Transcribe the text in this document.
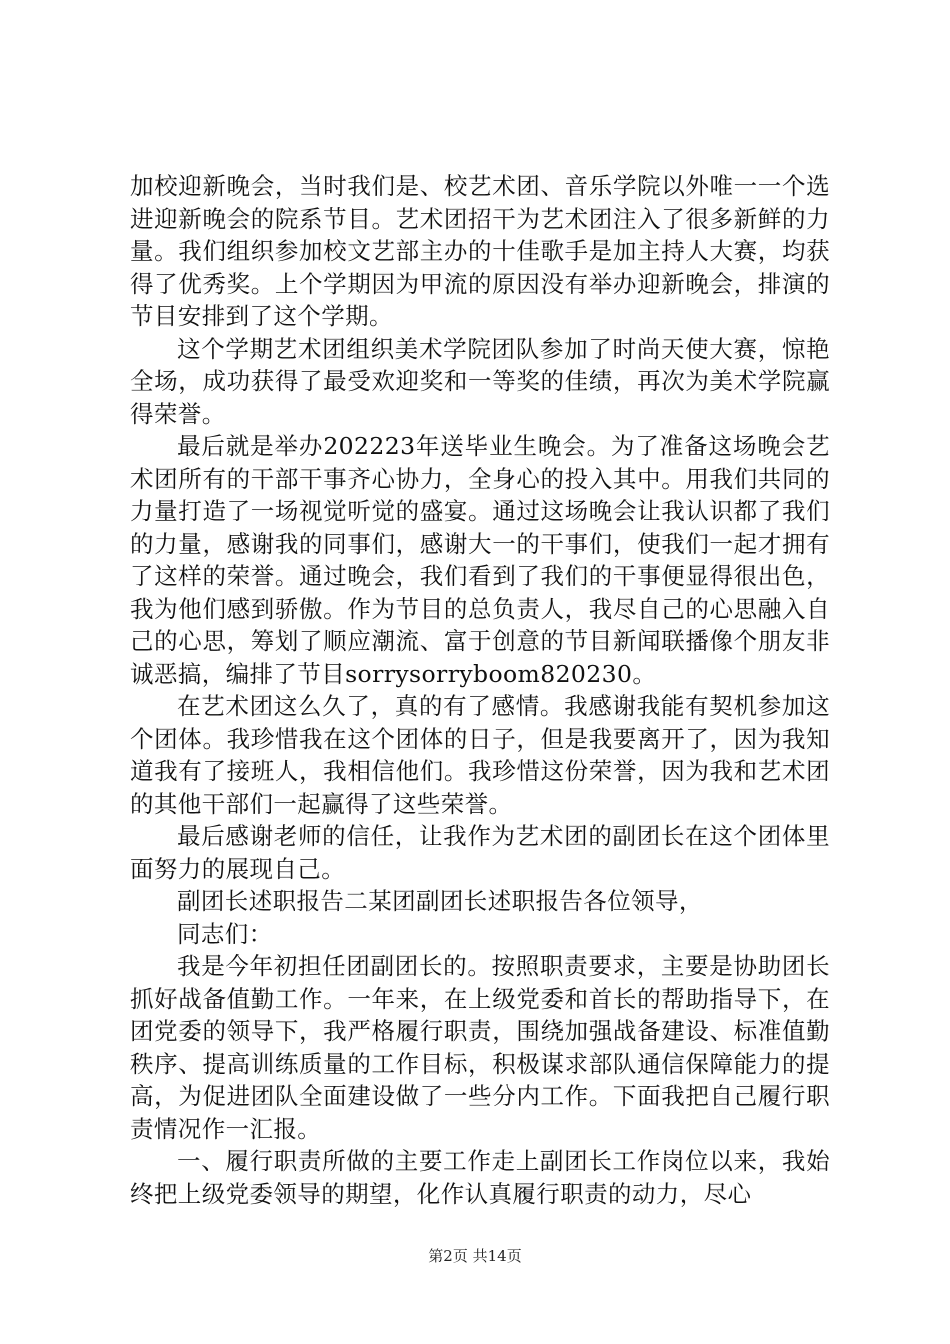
加校迎新晚会，当时我们是、校艺术团、音乐学院以外唯一一个选进迎新晚会的院系节目。艺术团招干为艺术团注入了很多新鲜的力量。我们组织参加校文艺部主办的十佳歌手是加主持人大赛，均获得了优秀奖。上个学期因为甲流的原因没有举办迎新晚会，排演的节目安排到了这个学期。

这个学期艺术团组织美术学院团队参加了时尚天使大赛，惊艳全场，成功获得了最受欢迎奖和一等奖的佳绩，再次为美术学院赢得荣誉。

最后就是举办202223年送毕业生晚会。为了准备这场晚会艺术团所有的干部干事齐心协力，全身心的投入其中。用我们共同的力量打造了一场视觉听觉的盛宴。通过这场晚会让我认识都了我们的力量，感谢我的同事们，感谢大一的干事们，使我们一起才拥有了这样的荣誉。通过晚会，我们看到了我们的干事便显得很出色，我为他们感到骄傲。作为节目的总负责人，我尽自己的心思融入自己的心思，筹划了顺应潮流、富于创意的节目新闻联播像个朋友非诚恶搞，编排了节目sorrysorryboom820230。

在艺术团这么久了，真的有了感情。我感谢我能有契机参加这个团体。我珍惜我在这个团体的日子，但是我要离开了，因为我知道我有了接班人，我相信他们。我珍惜这份荣誉，因为我和艺术团的其他干部们一起赢得了这些荣誉。

最后感谢老师的信任，让我作为艺术团的副团长在这个团体里面努力的展现自己。

副团长述职报告二某团副团长述职报告各位领导，

同志们：

我是今年初担任团副团长的。按照职责要求，主要是协助团长抓好战备值勤工作。一年来，在上级党委和首长的帮助指导下，在团党委的领导下，我严格履行职责，围绕加强战备建设、标准值勤秩序、提高训练质量的工作目标，积极谋求部队通信保障能力的提高，为促进团队全面建设做了一些分内工作。下面我把自己履行职责情况作一汇报。

一、履行职责所做的主要工作走上副团长工作岗位以来，我始终把上级党委领导的期望，化作认真履行职责的动力，尽心

第2页 共14页
